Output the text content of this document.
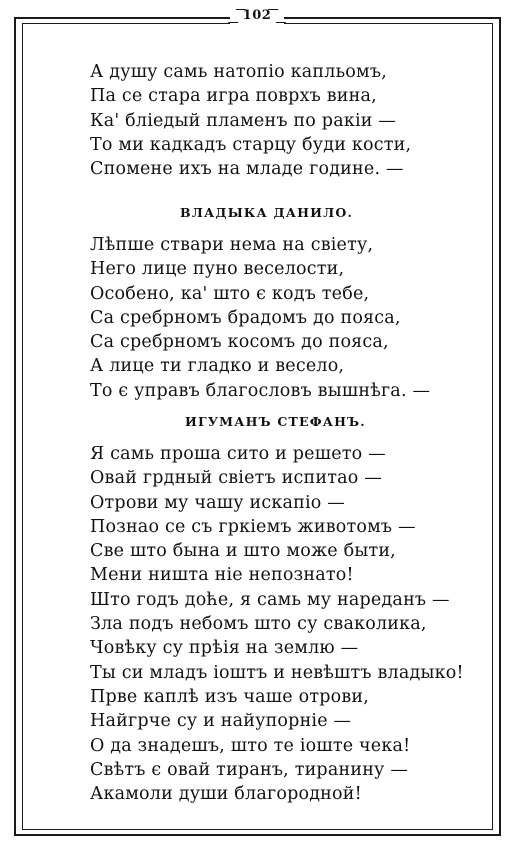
102
А душу самь натопіо капльомъ,
Па се стара игра поврхъ вина,
Ка' бліедый пламенъ по ракіи —
То ми кадкадъ старцу буди кости,
Спомене ихъ на младе годинe. —
ВЛАДЫКА ДАНИЛО.
Лѣпше ствари нема на свіету,
Него лице пуно веселости,
Особено, ка' што є кодъ тебе,
Са сребрномъ брадомъ до пояса,
Са сребрномъ косомъ до пояса,
А лице ти гладко и весело,
То є управъ благословъ вышнѣга. —
ИГУМАНЪ СТЕФАНЪ.
Я самь проша сито и решето —
Овай грдный свіетъ испитао —
Отрови му чашу искапіо —
Познао се съ гркіемъ животомъ —
Све што бына и што може быти,
Мени ништа ніе непознато!
Што годъ доће, я самь му нареданъ —
Зла подъ небомъ што су сваколика,
Човѣку су прѣія на землю —
Ты си младъ іоштъ и невѣштъ владыко!
Прве каплѣ изъ чаше отрови,
Найгрче су и найупорніе —
О да знадешъ, што те іоште чека!
Свѣтъ є овай тиранъ, тиранину —
Акамоли души благородной!
